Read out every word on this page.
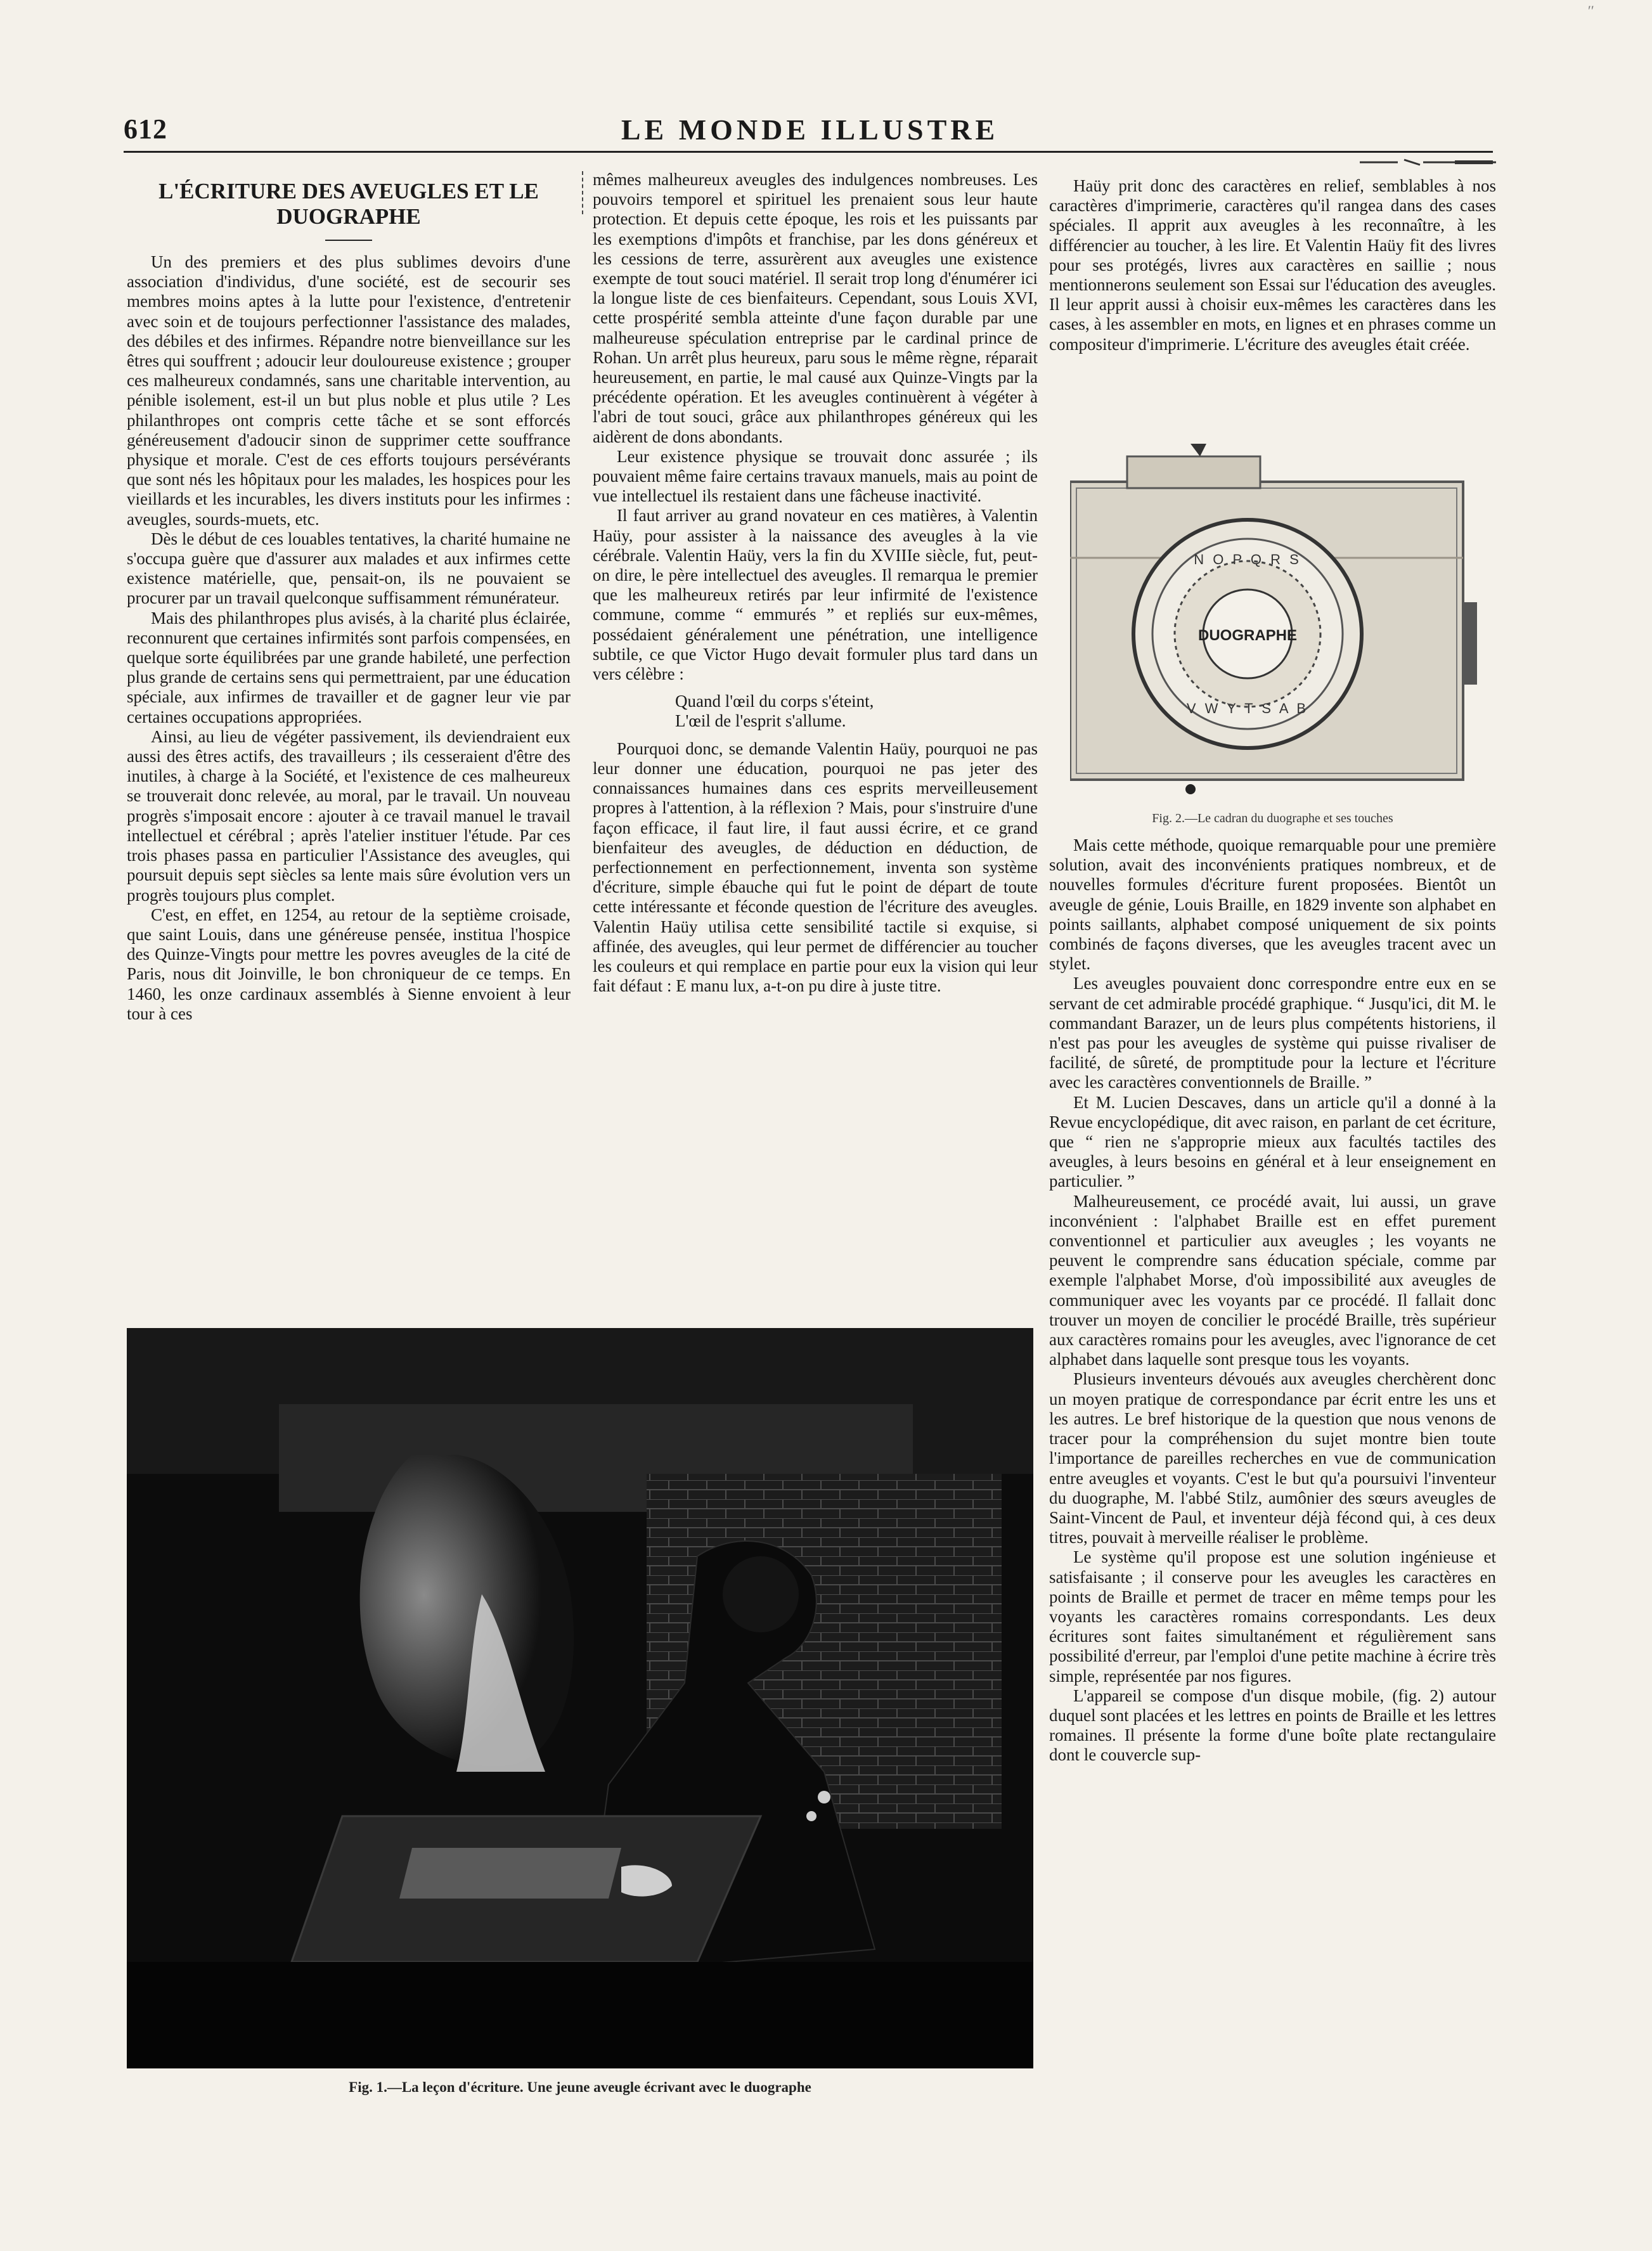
′′
612	LE MONDE ILLUSTRE
L'ÉCRITURE DES AVEUGLES ET LE DUOGRAPHE

Un des premiers et des plus sublimes devoirs d'une association d'individus, d'une société, est de secourir ses membres moins aptes à la lutte pour l'existence, d'entretenir avec soin et de toujours perfectionner l'assistance des malades, des débiles et des infirmes. Répandre notre bienveillance sur les êtres qui souffrent ; adoucir leur douloureuse existence ; grouper ces malheureux condamnés, sans une charitable intervention, au pénible isolement, est-il un but plus noble et plus utile ? Les philanthropes ont compris cette tâche et se sont efforcés généreusement d'adoucir sinon de supprimer cette souffrance physique et morale. C'est de ces efforts toujours persévérants que sont nés les hôpitaux pour les malades, les hospices pour les vieillards et les incurables, les divers instituts pour les infirmes : aveugles, sourds-muets, etc.

Dès le début de ces louables tentatives, la charité humaine ne s'occupa guère que d'assurer aux malades et aux infirmes cette existence matérielle, que, pensait-on, ils ne pouvaient se procurer par un travail quelconque suffisamment rémunérateur.

Mais des philanthropes plus avisés, à la charité plus éclairée, reconnurent que certaines infirmités sont parfois compensées, en quelque sorte équilibrées par une grande habileté, une perfection plus grande de certains sens qui permettraient, par une éducation spéciale, aux infirmes de travailler et de gagner leur vie par certaines occupations appropriées.

Ainsi, au lieu de végéter passivement, ils deviendraient eux aussi des êtres actifs, des travailleurs ; ils cesseraient d'être des inutiles, à charge à la Société, et l'existence de ces malheureux se trouverait donc relevée, au moral, par le travail. Un nouveau progrès s'imposait encore : ajouter à ce travail manuel le travail intellectuel et cérébral ; après l'atelier instituer l'étude. Par ces trois phases passa en particulier l'Assistance des aveugles, qui poursuit depuis sept siècles sa lente mais sûre évolution vers un progrès toujours plus complet.

C'est, en effet, en 1254, au retour de la septième croisade, que saint Louis, dans une généreuse pensée, institua l'hospice des Quinze-Vingts pour mettre les povres aveugles de la cité de Paris, nous dit Joinville, le bon chroniqueur de ce temps. En 1460, les onze cardinaux assemblés à Sienne envoient à leur tour à ces

mêmes malheureux aveugles des indulgences nombreuses. Les pouvoirs temporel et spirituel les prenaient sous leur haute protection. Et depuis cette époque, les rois et les puissants par les exemptions d'impôts et franchise, par les dons généreux et les cessions de terre, assurèrent aux aveugles une existence exempte de tout souci matériel. Il serait trop long d'énumérer ici la longue liste de ces bienfaiteurs. Cependant, sous Louis XVI, cette prospérité sembla atteinte d'une façon durable par une malheureuse spéculation entreprise par le cardinal prince de Rohan. Un arrêt plus heureux, paru sous le même règne, réparait heureusement, en partie, le mal causé aux Quinze-Vingts par la précédente opération. Et les aveugles continuèrent à végéter à l'abri de tout souci, grâce aux philanthropes généreux qui les aidèrent de dons abondants.

Leur existence physique se trouvait donc assurée ; ils pouvaient même faire certains travaux manuels, mais au point de vue intellectuel ils restaient dans une fâcheuse inactivité.

Il faut arriver au grand novateur en ces matières, à Valentin Haüy, pour assister à la naissance des aveugles à la vie cérébrale. Valentin Haüy, vers la fin du XVIIIe siècle, fut, peut-on dire, le père intellectuel des aveugles. Il remarqua le premier que les malheureux retirés par leur infirmité de l'existence commune, comme “ emmurés ” et repliés sur eux-mêmes, possédaient généralement une pénétration, une intelligence subtile, ce que Victor Hugo devait formuler plus tard dans un vers célèbre :

Quand l'œil du corps s'éteint,
L'œil de l'esprit s'allume.

Pourquoi donc, se demande Valentin Haüy, pourquoi ne pas leur donner une éducation, pourquoi ne pas jeter des connaissances humaines dans ces esprits merveilleusement propres à l'attention, à la réflexion ? Mais, pour s'instruire d'une façon efficace, il faut lire, il faut aussi écrire, et ce grand bienfaiteur des aveugles, de déduction en déduction, de perfectionnement en perfectionnement, inventa son système d'écriture, simple ébauche qui fut le point de départ de toute cette intéressante et féconde question de l'écriture des aveugles. Valentin Haüy utilisa cette sensibilité tactile si exquise, si affinée, des aveugles, qui leur permet de différencier au toucher les couleurs et qui remplace en partie pour eux la vision qui leur fait défaut : E manu lux, a-t-on pu dire à juste titre.

Haüy prit donc des caractères en relief, semblables à nos caractères d'imprimerie, caractères qu'il rangea dans des cases spéciales. Il apprit aux aveugles à les reconnaître, à les différencier au toucher, à les lire. Et Valentin Haüy fit des livres pour ses protégés, livres aux caractères en saillie ; nous mentionnerons seulement son Essai sur l'éducation des aveugles. Il leur apprit aussi à choisir eux-mêmes les caractères dans les cases, à les assembler en mots, en lignes et en phrases comme un compositeur d'imprimerie. L'écriture des aveugles était créée.

DUOGRAPHE
N O P Q R S
V W Y T S A B
Fig. 2.—Le cadran du duographe et ses touches

Mais cette méthode, quoique remarquable pour une première solution, avait des inconvénients pratiques nombreux, et de nouvelles formules d'écriture furent proposées. Bientôt un aveugle de génie, Louis Braille, en 1829 invente son alphabet en points saillants, alphabet composé uniquement de six points combinés de façons diverses, que les aveugles tracent avec un stylet.

Les aveugles pouvaient donc correspondre entre eux en se servant de cet admirable procédé graphique. “ Jusqu'ici, dit M. le commandant Barazer, un de leurs plus compétents historiens, il n'est pas pour les aveugles de système qui puisse rivaliser de facilité, de sûreté, de promptitude pour la lecture et l'écriture avec les caractères conventionnels de Braille. ”

Et M. Lucien Descaves, dans un article qu'il a donné à la Revue encyclopédique, dit avec raison, en parlant de cet écriture, que “ rien ne s'approprie mieux aux facultés tactiles des aveugles, à leurs besoins en général et à leur enseignement en particulier. ”

Malheureusement, ce procédé avait, lui aussi, un grave inconvénient : l'alphabet Braille est en effet purement conventionnel et particulier aux aveugles ; les voyants ne peuvent le comprendre sans éducation spéciale, comme par exemple l'alphabet Morse, d'où impossibilité aux aveugles de communiquer avec les voyants par ce procédé. Il fallait donc trouver un moyen de concilier le procédé Braille, très supérieur aux caractères romains pour les aveugles, avec l'ignorance de cet alphabet dans laquelle sont presque tous les voyants.

Plusieurs inventeurs dévoués aux aveugles cherchèrent donc un moyen pratique de correspondance par écrit entre les uns et les autres. Le bref historique de la question que nous venons de tracer pour la compréhension du sujet montre bien toute l'importance de pareilles recherches en vue de communication entre aveugles et voyants. C'est le but qu'a poursuivi l'inventeur du duographe, M. l'abbé Stilz, aumônier des sœurs aveugles de Saint-Vincent de Paul, et inventeur déjà fécond qui, à ces deux titres, pouvait à merveille réaliser le problème.

Le système qu'il propose est une solution ingénieuse et satisfaisante ; il conserve pour les aveugles les caractères en points de Braille et permet de tracer en même temps pour les voyants les caractères romains correspondants. Les deux écritures sont faites simultanément et régulièrement sans possibilité d'erreur, par l'emploi d'une petite machine à écrire très simple, représentée par nos figures.

L'appareil se compose d'un disque mobile, (fig. 2) autour duquel sont placées et les lettres en points de Braille et les lettres romaines. Il présente la forme d'une boîte plate rectangulaire dont le couvercle sup-

Fig. 1.—La leçon d'écriture. Une jeune aveugle écrivant avec le duographe
